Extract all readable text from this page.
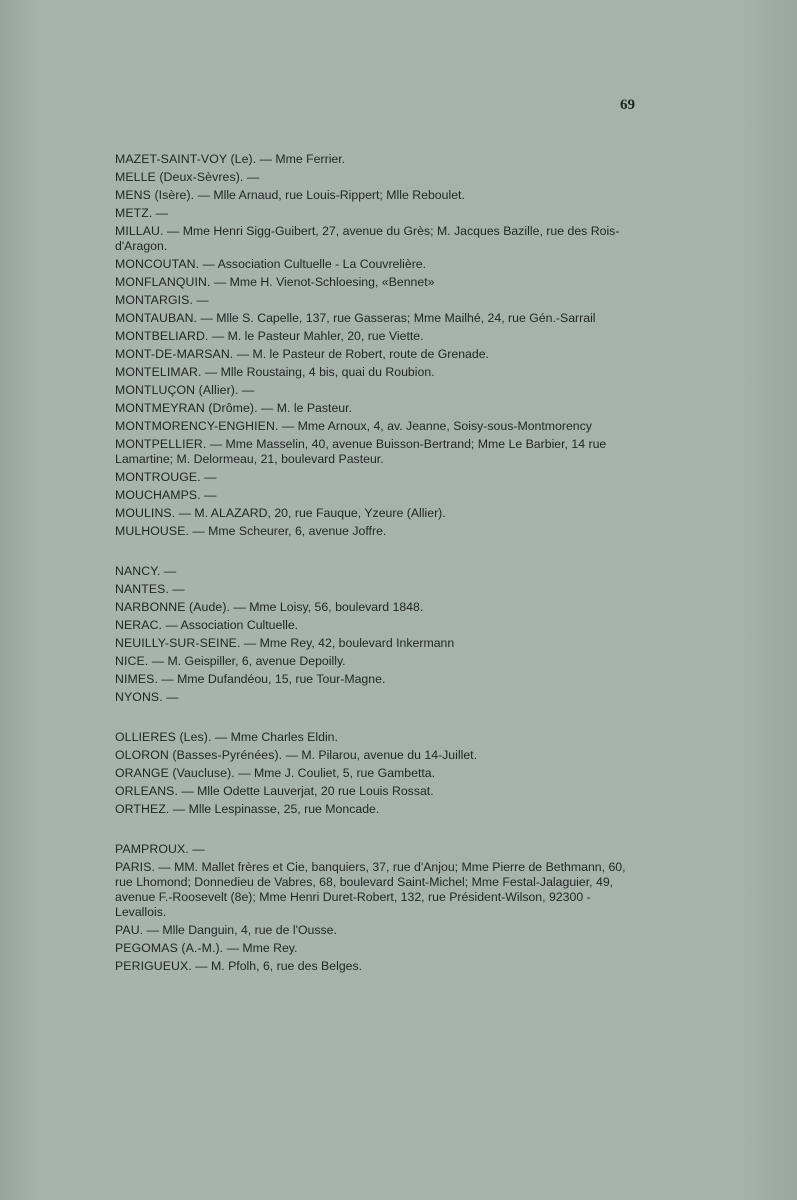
69
MAZET-SAINT-VOY (Le). — Mme Ferrier.
MELLE (Deux-Sèvres). —
MENS (Isère). — Mlle Arnaud, rue Louis-Rippert; Mlle Reboulet.
METZ. —
MILLAU. — Mme Henri Sigg-Guibert, 27, avenue du Grès; M. Jacques Bazille, rue des Rois-d'Aragon.
MONCOUTAN. — Association Cultuelle - La Couvrelière.
MONFLANQUIN. — Mme H. Vienot-Schloesing, «Bennet»
MONTARGIS. —
MONTAUBAN. — Mlle S. Capelle, 137, rue Gasseras; Mme Mailhé, 24, rue Gén.-Sarrail
MONTBELIARD. — M. le Pasteur Mahler, 20, rue Viette.
MONT-DE-MARSAN. — M. le Pasteur de Robert, route de Grenade.
MONTELIMAR. — Mlle Roustaing, 4 bis, quai du Roubion.
MONTLUÇON (Allier). —
MONTMEYRAN (Drôme). — M. le Pasteur.
MONTMORENCY-ENGHIEN. — Mme Arnoux, 4, av. Jeanne, Soisy-sous-Montmorency
MONTPELLIER. — Mme Masselin, 40, avenue Buisson-Bertrand; Mme Le Barbier, 14 rue Lamartine; M. Delormeau, 21, boulevard Pasteur.
MONTROUGE. —
MOUCHAMPS. —
MOULINS. — M. ALAZARD, 20, rue Fauque, Yzeure (Allier).
MULHOUSE. — Mme Scheurer, 6, avenue Joffre.
NANCY. —
NANTES. —
NARBONNE (Aude). — Mme Loisy, 56, boulevard 1848.
NERAC. — Association Cultuelle.
NEUILLY-SUR-SEINE. — Mme Rey, 42, boulevard Inkermann
NICE. — M. Geispiller, 6, avenue Depoilly.
NIMES. — Mme Dufandéou, 15, rue Tour-Magne.
NYONS. —
OLLIERES (Les). — Mme Charles Eldin.
OLORON (Basses-Pyrénées). — M. Pilarou, avenue du 14-Juillet.
ORANGE (Vaucluse). — Mme J. Couliet, 5, rue Gambetta.
ORLEANS. — Mlle Odette Lauverjat, 20 rue Louis Rossat.
ORTHEZ. — Mlle Lespinasse, 25, rue Moncade.
PAMPROUX. —
PARIS. — MM. Mallet frères et Cie, banquiers, 37, rue d'Anjou; Mme Pierre de Bethmann, 60, rue Lhomond; Donnedieu de Vabres, 68, boulevard Saint-Michel; Mme Festal-Jalaguier, 49, avenue F.-Roosevelt (8e); Mme Henri Duret-Robert, 132, rue Président-Wilson, 92300 - Levallois.
PAU. — Mlle Danguin, 4, rue de l'Ousse.
PEGOMAS (A.-M.). — Mme Rey.
PERIGUEUX. — M. Pfolh, 6, rue des Belges.
